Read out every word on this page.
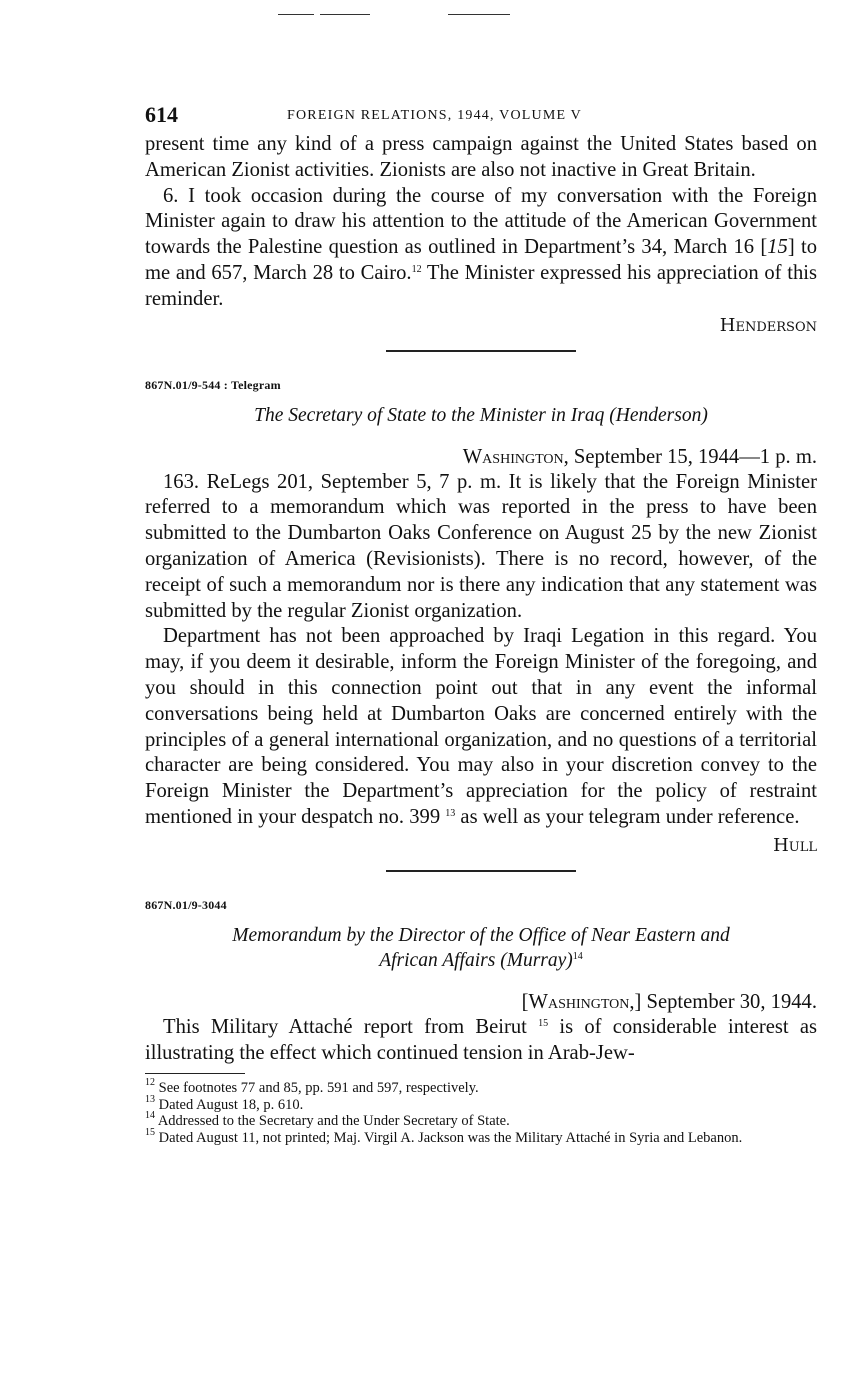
614	FOREIGN RELATIONS, 1944, VOLUME V

present time any kind of a press campaign against the United States based on American Zionist activities. Zionists are also not inactive in Great Britain.

6. I took occasion during the course of my conversation with the Foreign Minister again to draw his attention to the attitude of the American Government towards the Palestine question as outlined in Department’s 34, March 16 [15] to me and 657, March 28 to Cairo.$^{12}$ The Minister expressed his appreciation of this reminder.

Henderson
867N.01/9-544 : Telegram
The Secretary of State to the Minister in Iraq (Henderson)
Washington, September 15, 1944—1 p. m.

163. ReLegs 201, September 5, 7 p. m. It is likely that the Foreign Minister referred to a memorandum which was reported in the press to have been submitted to the Dumbarton Oaks Conference on August 25 by the new Zionist organization of America (Revisionists). There is no record, however, of the receipt of such a memorandum nor is there any indication that any statement was submitted by the regular Zionist organization.

Department has not been approached by Iraqi Legation in this regard. You may, if you deem it desirable, inform the Foreign Minister of the foregoing, and you should in this connection point out that in any event the informal conversations being held at Dumbarton Oaks are concerned entirely with the principles of a general international organization, and no questions of a territorial character are being considered. You may also in your discretion convey to the Foreign Minister the Department’s appreciation for the policy of restraint mentioned in your despatch no. 399 $^{13}$ as well as your telegram under reference.

Hull
867N.01/9-3044
Memorandum by the Director of the Office of Near Eastern and
African Affairs (Murray)$^{14}$
[Washington,] September 30, 1944.

This Military Attaché report from Beirut $^{15}$ is of considerable interest as illustrating the effect which continued tension in Arab-Jew-

$^{12}$ See footnotes 77 and 85, pp. 591 and 597, respectively.
$^{13}$ Dated August 18, p. 610.
$^{14}$ Addressed to the Secretary and the Under Secretary of State.
$^{15}$ Dated August 11, not printed; Maj. Virgil A. Jackson was the Military Attaché in Syria and Lebanon.
